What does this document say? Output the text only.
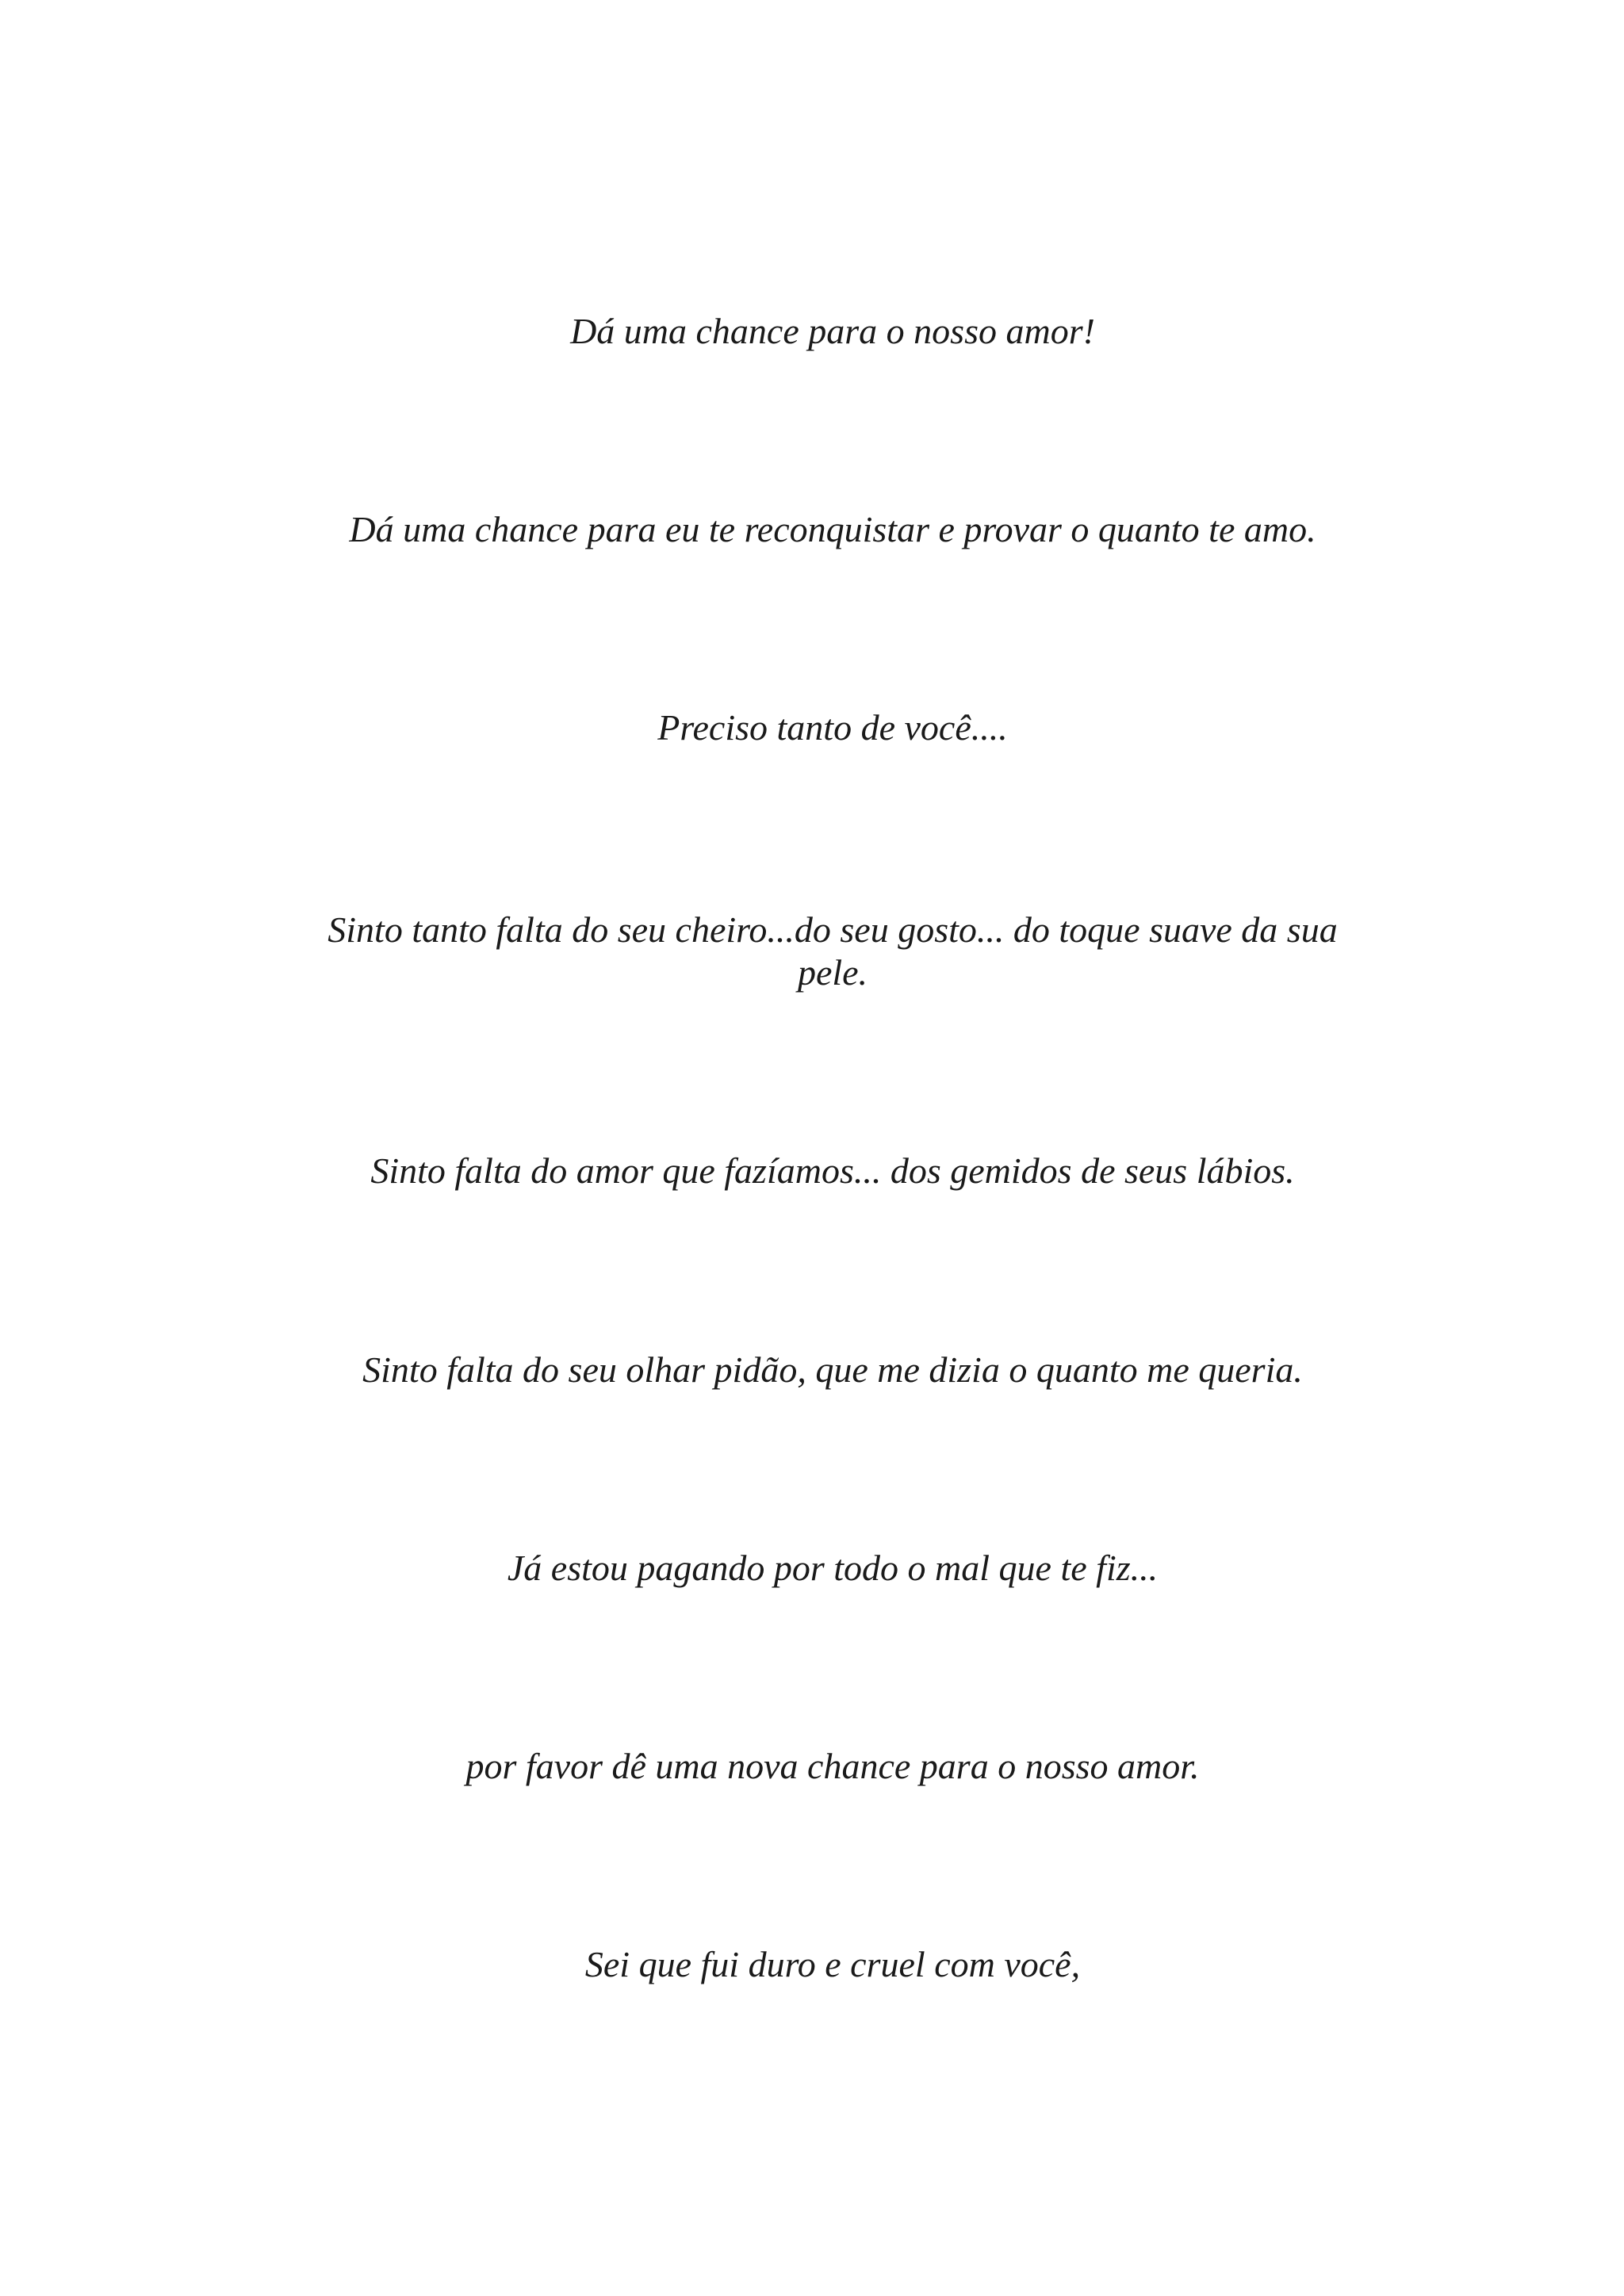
Dá uma chance para o nosso amor!

Dá uma chance para eu te reconquistar e provar o quanto te amo.

Preciso tanto de você....

Sinto tanto falta do seu cheiro...do seu gosto... do toque suave da sua pele.

Sinto falta do amor que fazíamos... dos gemidos de seus lábios.

Sinto falta do seu olhar pidão, que me dizia o quanto me queria.

Já estou pagando por todo o mal que te fiz...

por favor dê uma nova chance para o nosso amor.

Sei que fui duro e cruel com você,
